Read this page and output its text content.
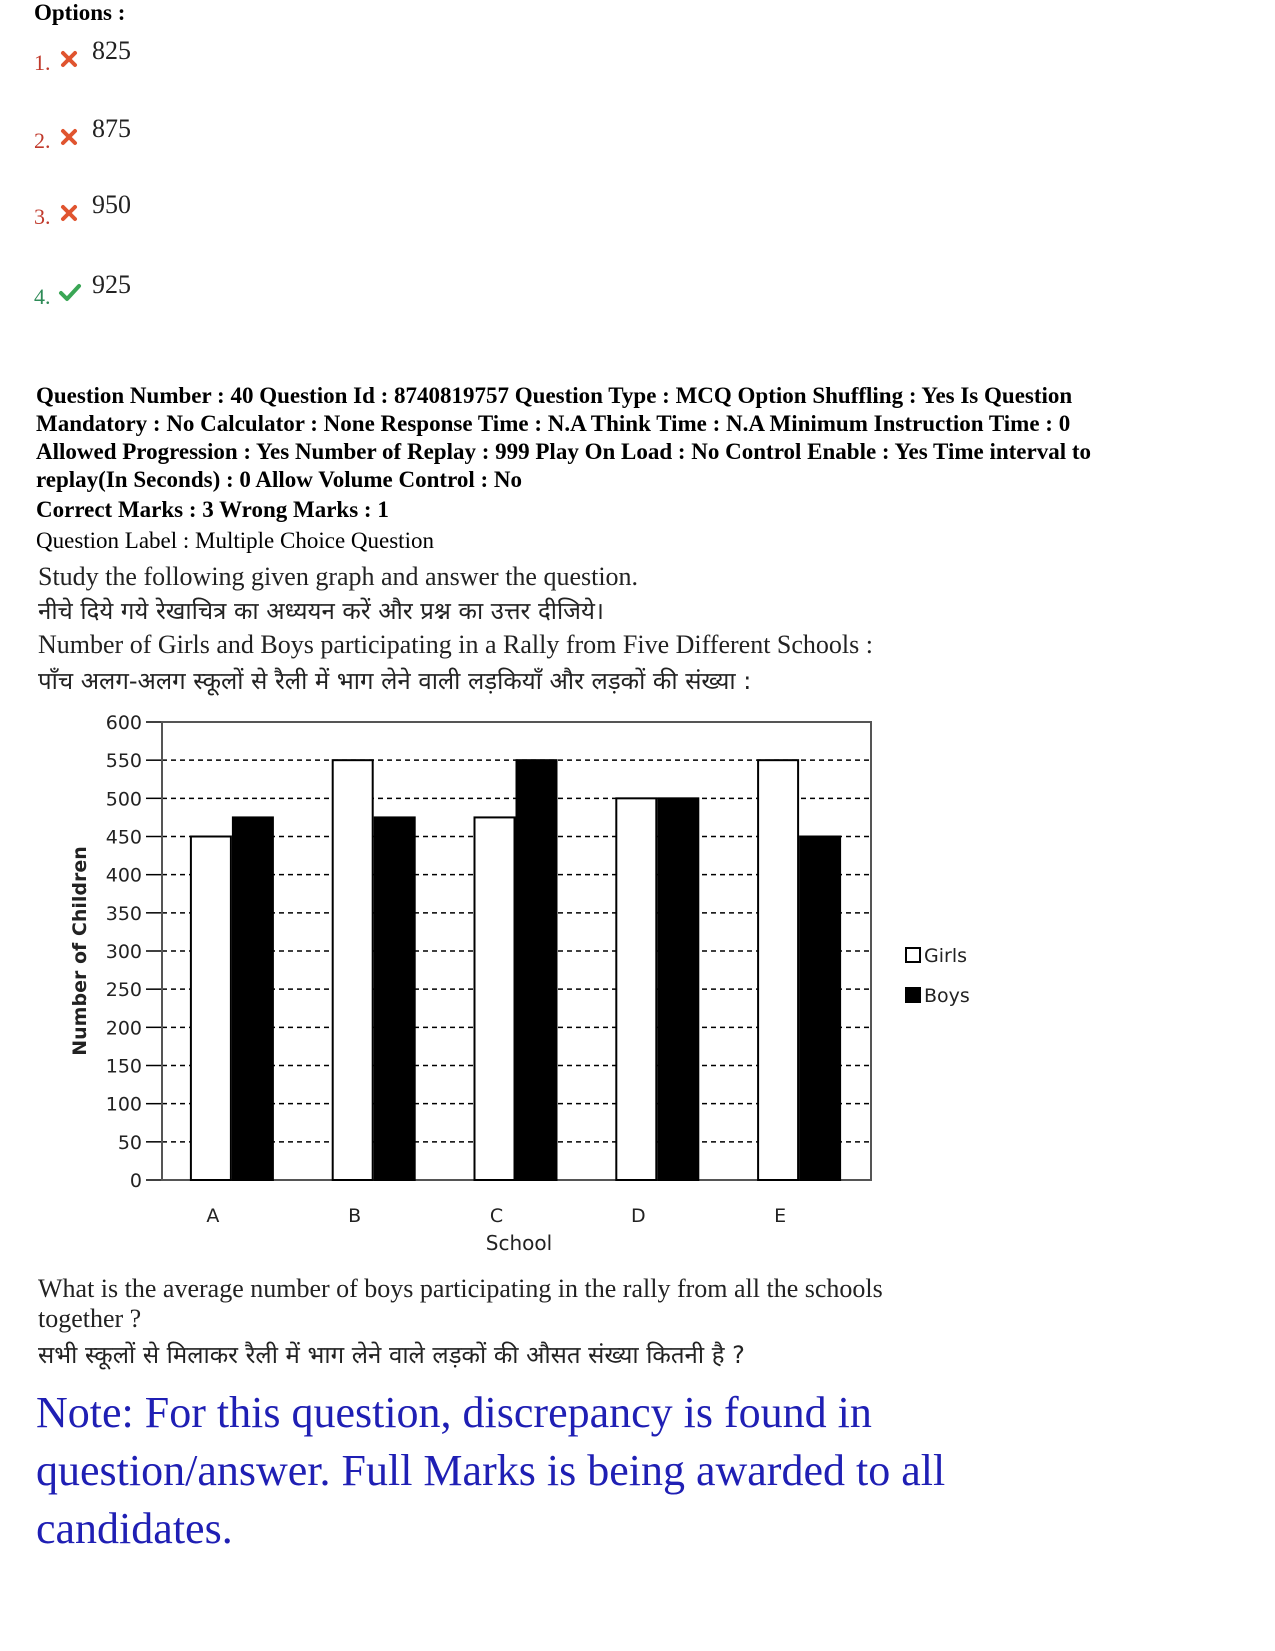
Options :
1. 825
2. 875
3. 950
4. 925
Question Number : 40 Question Id : 8740819757 Question Type : MCQ Option Shuffling : Yes Is Question
Mandatory : No Calculator : None Response Time : N.A Think Time : N.A Minimum Instruction Time : 0
Allowed Progression : Yes Number of Replay : 999 Play On Load : No Control Enable : Yes Time interval to
replay(In Seconds) : 0 Allow Volume Control : No
Correct Marks : 3 Wrong Marks : 1
Question Label : Multiple Choice Question
Study the following given graph and answer the question.
नीचे दिये गये रेखाचित्र का अध्ययन करें और प्रश्न का उत्तर दीजिये।
Number of Girls and Boys participating in a Rally from Five Different Schools :
पाँच अलग-अलग स्कूलों से रैली में भाग लेने वाली लड़कियाँ और लड़कों की संख्या :
0
50
100
150
200
250
300
350
400
450
500
550
600
A	B	C	D	E
School
Number of Children	Girls
Boys
What is the average number of boys participating in the rally from all the schools
together ?
सभी स्कूलों से मिलाकर रैली में भाग लेने वाले लड़कों की औसत संख्या कितनी है ?
Note: For this question, discrepancy is found in
question/answer. Full Marks is being awarded to all
candidates.
